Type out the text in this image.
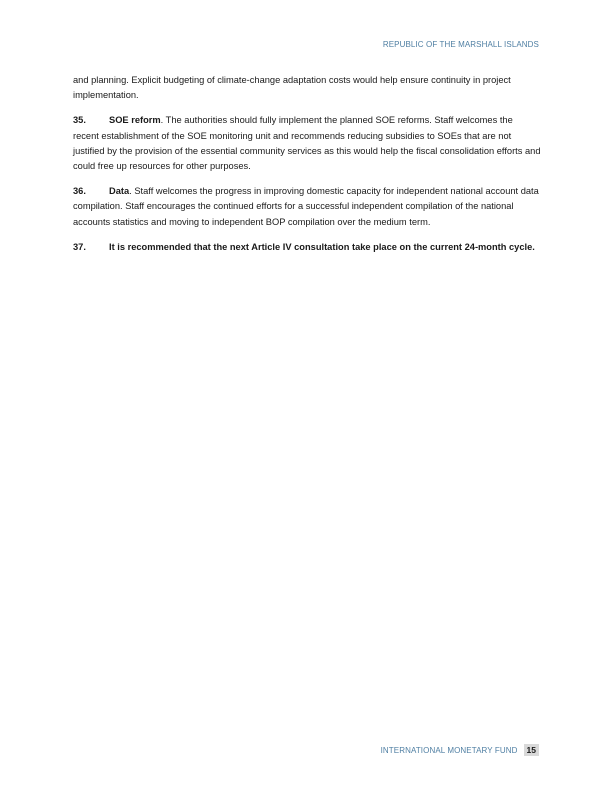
REPUBLIC OF THE MARSHALL ISLANDS

and planning. Explicit budgeting of climate-change adaptation costs would help ensure continuity in project implementation.

35. SOE reform. The authorities should fully implement the planned SOE reforms. Staff welcomes the recent establishment of the SOE monitoring unit and recommends reducing subsidies to SOEs that are not justified by the provision of the essential community services as this would help the fiscal consolidation efforts and could free up resources for other purposes.

36. Data. Staff welcomes the progress in improving domestic capacity for independent national account data compilation. Staff encourages the continued efforts for a successful independent compilation of the national accounts statistics and moving to independent BOP compilation over the medium term.

37. It is recommended that the next Article IV consultation take place on the current 24-month cycle.

INTERNATIONAL MONETARY FUND	15
